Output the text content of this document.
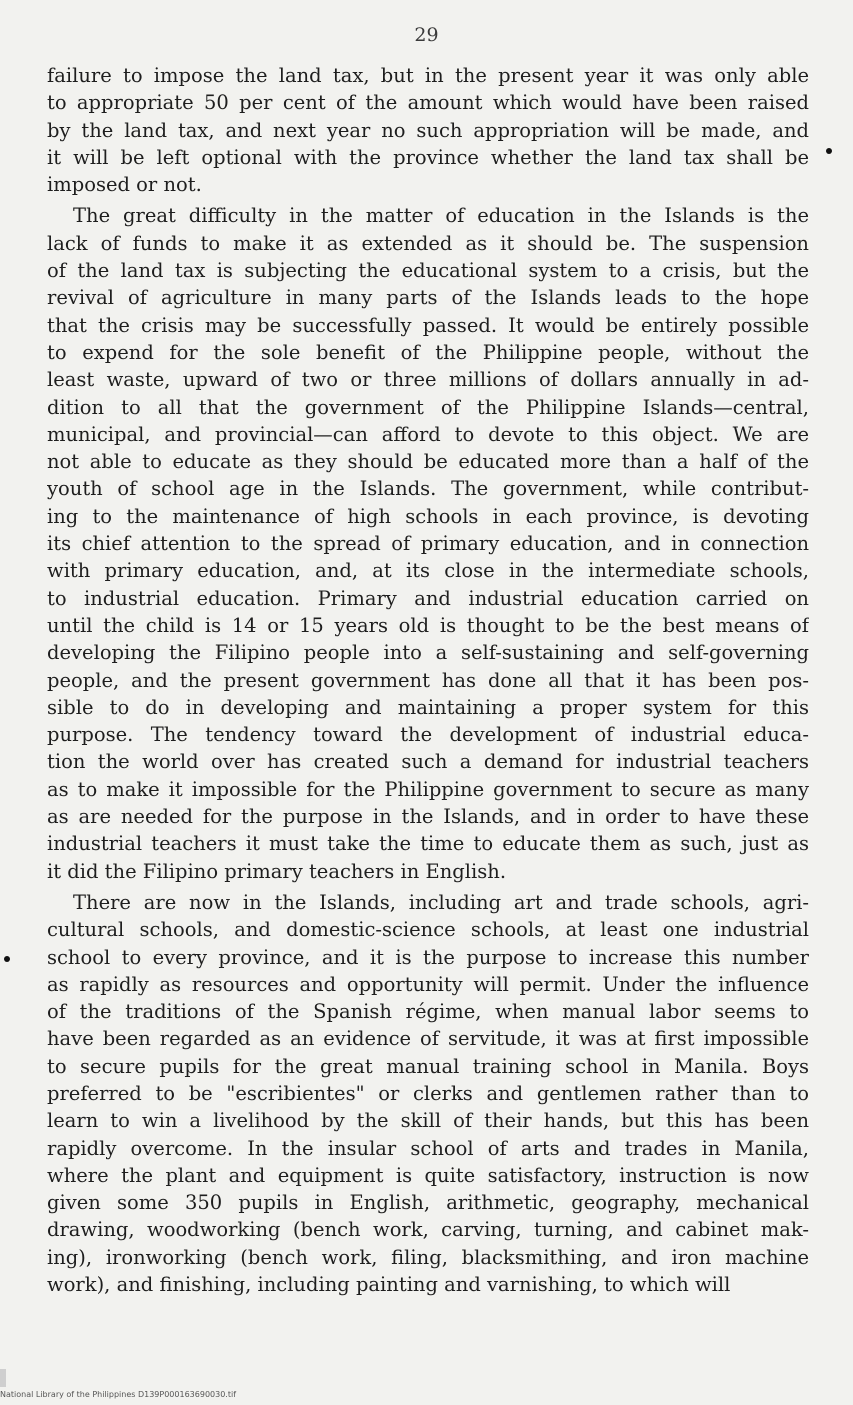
29
failure to impose the land tax, but in the present year it was only able
to appropriate 50 per cent of the amount which would have been raised
by the land tax, and next year no such appropriation will be made, and
it will be left optional with the province whether the land tax shall be
imposed or not.
The great difficulty in the matter of education in the Islands is the
lack of funds to make it as extended as it should be. The suspension
of the land tax is subjecting the educational system to a crisis, but the
revival of agriculture in many parts of the Islands leads to the hope
that the crisis may be successfully passed. It would be entirely possible
to expend for the sole benefit of the Philippine people, without the
least waste, upward of two or three millions of dollars annually in ad-
dition to all that the government of the Philippine Islands—central,
municipal, and provincial—can afford to devote to this object. We are
not able to educate as they should be educated more than a half of the
youth of school age in the Islands. The government, while contribut-
ing to the maintenance of high schools in each province, is devoting
its chief attention to the spread of primary education, and in connection
with primary education, and, at its close in the intermediate schools,
to industrial education. Primary and industrial education carried on
until the child is 14 or 15 years old is thought to be the best means of
developing the Filipino people into a self-sustaining and self-governing
people, and the present government has done all that it has been pos-
sible to do in developing and maintaining a proper system for this
purpose. The tendency toward the development of industrial educa-
tion the world over has created such a demand for industrial teachers
as to make it impossible for the Philippine government to secure as many
as are needed for the purpose in the Islands, and in order to have these
industrial teachers it must take the time to educate them as such, just as
it did the Filipino primary teachers in English.
There are now in the Islands, including art and trade schools, agri-
cultural schools, and domestic-science schools, at least one industrial
school to every province, and it is the purpose to increase this number
as rapidly as resources and opportunity will permit. Under the influence
of the traditions of the Spanish régime, when manual labor seems to
have been regarded as an evidence of servitude, it was at first impossible
to secure pupils for the great manual training school in Manila. Boys
preferred to be "escribientes" or clerks and gentlemen rather than to
learn to win a livelihood by the skill of their hands, but this has been
rapidly overcome. In the insular school of arts and trades in Manila,
where the plant and equipment is quite satisfactory, instruction is now
given some 350 pupils in English, arithmetic, geography, mechanical
drawing, woodworking (bench work, carving, turning, and cabinet mak-
ing), ironworking (bench work, filing, blacksmithing, and iron machine
work), and finishing, including painting and varnishing, to which will
National Library of the Philippines D139P000163690030.tif
